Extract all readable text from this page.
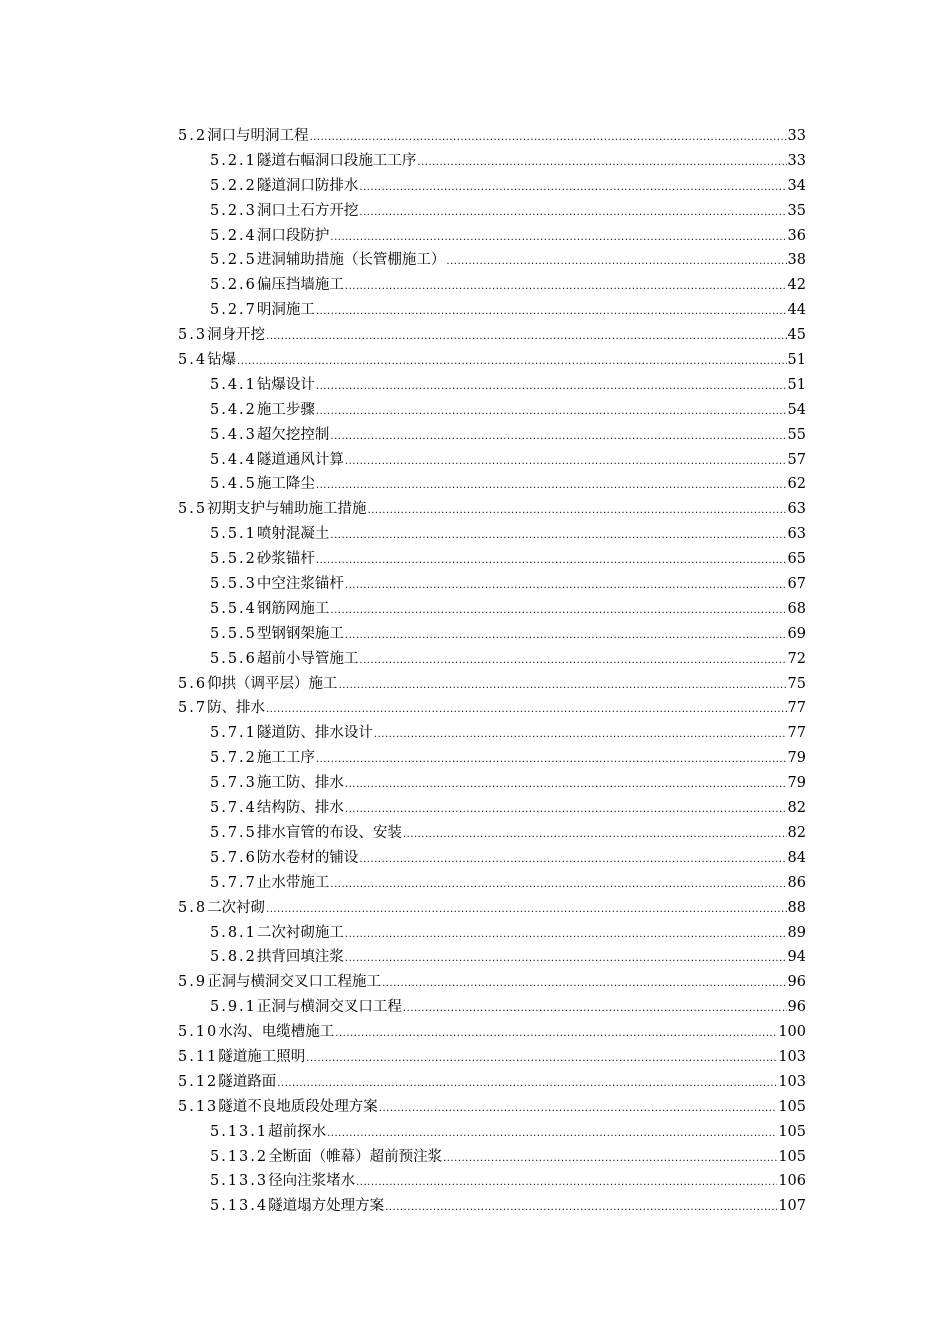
5.2 洞口与明洞工程 .....	33
5.2.1 隧道右幅洞口段施工工序 .....	33
5.2.2 隧道洞口防排水 .....	34
5.2.3 洞口土石方开挖 .....	35
5.2.4 洞口段防护 .....	36
5.2.5 进洞辅助措施（长管棚施工） .....	38
5.2.6 偏压挡墙施工 .....	42
5.2.7 明洞施工 .....	44
5.3 洞身开挖 .....	45
5.4 钻爆 .....	51
5.4.1 钻爆设计 .....	51
5.4.2 施工步骤 .....	54
5.4.3 超欠挖控制 .....	55
5.4.4 隧道通风计算 .....	57
5.4.5 施工降尘 .....	62
5.5 初期支护与辅助施工措施 .....	63
5.5.1 喷射混凝土 .....	63
5.5.2 砂浆锚杆 .....	65
5.5.3 中空注浆锚杆 .....	67
5.5.4 钢筋网施工 .....	68
5.5.5 型钢钢架施工 .....	69
5.5.6 超前小导管施工 .....	72
5.6 仰拱（调平层）施工 .....	75
5.7 防、排水 .....	77
5.7.1 隧道防、排水设计 .....	77
5.7.2 施工工序 .....	79
5.7.3 施工防、排水 .....	79
5.7.4 结构防、排水 .....	82
5.7.5 排水盲管的布设、安装 .....	82
5.7.6 防水卷材的铺设 .....	84
5.7.7 止水带施工 .....	86
5.8 二次衬砌 .....	88
5.8.1 二次衬砌施工 .....	89
5.8.2 拱背回填注浆 .....	94
5.9 正洞与横洞交叉口工程施工 .....	96
5.9.1 正洞与横洞交叉口工程 .....	96
5.10 水沟、电缆槽施工 .....	100
5.11 隧道施工照明 .....	103
5.12 隧道路面 .....	103
5.13 隧道不良地质段处理方案 .....	105
5.13.1 超前探水 .....	105
5.13.2 全断面（帷幕）超前预注浆 .....	105
5.13.3 径向注浆堵水 .....	106
5.13.4 隧道塌方处理方案 .....	107
